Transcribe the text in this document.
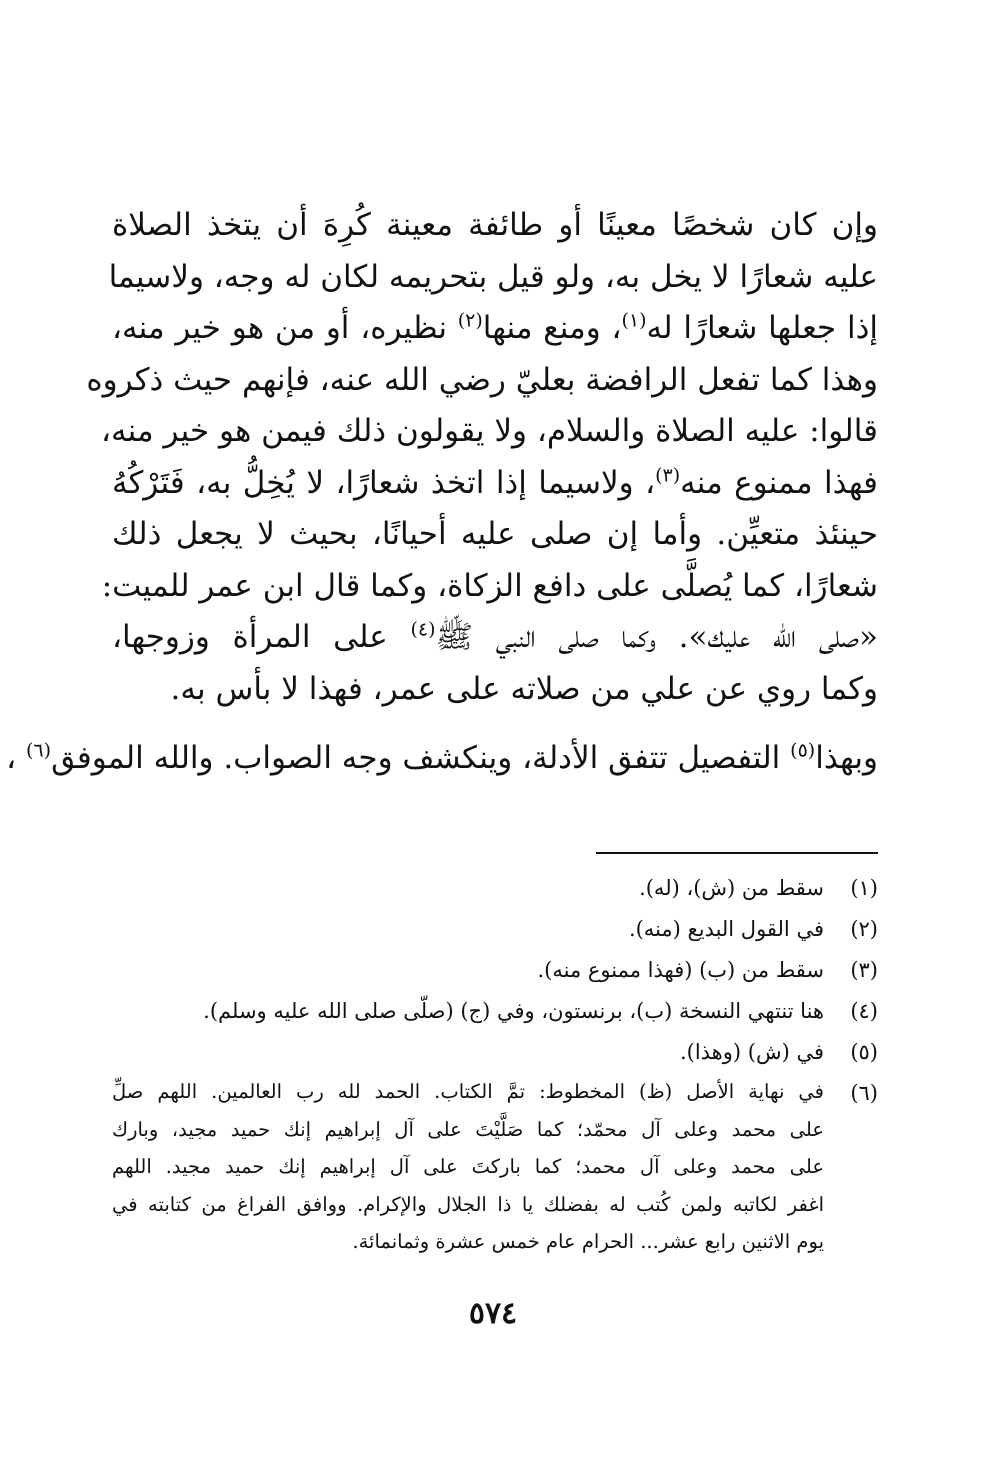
وإن كان شخصًا معينًا أو طائفة معينة كُرِهَ أن يتخذ الصلاة
عليه شعارًا لا يخل به، ولو قيل بتحريمه لكان له وجه، ولاسيما
إذا جعلها شعارًا له$^{(١)}$، ومنع منها$^{(٢)}$ نظيره، أو من هو خير منه،
وهذا كما تفعل الرافضة بعليّ رضي الله عنه، فإنهم حيث ذكروه
قالوا: عليه الصلاة والسلام، ولا يقولون ذلك فيمن هو خير منه،
فهذا ممنوع منه$^{(٣)}$، ولاسيما إذا اتخذ شعارًا، لا يُخِلُّ به، فَتَرْكُهُ
حينئذ متعيِّن. وأما إن صلى عليه أحيانًا، بحيث لا يجعل ذلك
شعارًا، كما يُصلَّى على دافع الزكاة، وكما قال ابن عمر للميت:
«صلى الله عليك». وكما صلى النبي ﷺ$^{(٤)}$ على المرأة وزوجها،
وكما روي عن علي من صلاته على عمر، فهذا لا بأس به.
وبهذا$^{(٥)}$ التفصيل تتفق الأدلة، وينكشف وجه الصواب. والله الموفق$^{(٦)}$ ،
(١)
سقط من (ش)، (له).
(٢)
في القول البديع (منه).
(٣)
سقط من (ب) (فهذا ممنوع منه).
(٤)
هنا تنتهي النسخة (ب)، برنستون، وفي (ج) (صلّى صلى الله عليه وسلم).
(٥)
في (ش) (وهذا).
(٦)
في نهاية الأصل (ظ) المخطوط: تمَّ الكتاب. الحمد لله رب العالمين. اللهم صلِّ
على محمد وعلى آل محمّد؛ كما صَلَّيْتَ على آل إبراهيم إنك حميد مجيد، وبارك
على محمد وعلى آل محمد؛ كما باركتَ على آل إبراهيم إنك حميد مجيد. اللهم
اغفر لكاتبه ولمن كُتب له بفضلك يا ذا الجلال والإكرام. ووافق الفراغ من كتابته في
يوم الاثنين رابع عشر... الحرام عام خمس عشرة وثمانمائة.
٥٧٤
